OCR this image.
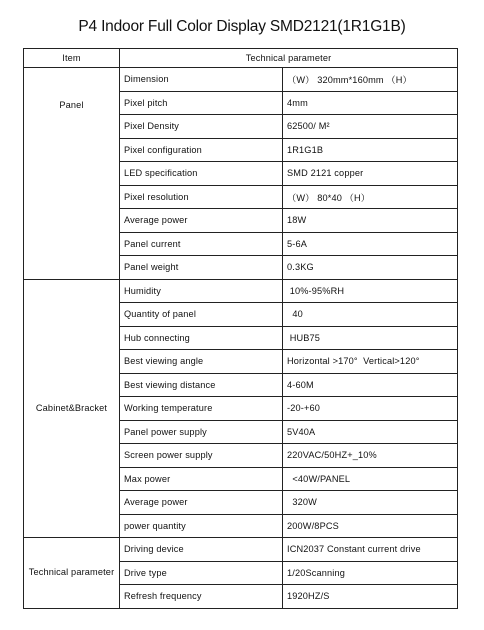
P4 Indoor Full Color Display SMD2121(1R1G1B)
Item	Technical parameter	
Panel	Dimension	（W） 320mm*160mm （H）
	Pixel pitch	4mm
	Pixel Density	62500/ M²
	Pixel configuration	1R1G1B
	LED specification	SMD 2121 copper
	Pixel resolution	（W） 80*40 （H）
	Average power	18W
	Panel current	5-6A
	Panel weight	0.3KG
Cabinet&Bracket	Humidity	10%-95%RH
	Quantity of panel	40
	Hub connecting	HUB75
	Best viewing angle	Horizontal >170°  Vertical>120°
	Best viewing distance	4-60M
	Working temperature	-20-+60
	Panel power supply	5V40A
	Screen power supply	220VAC/50HZ+_10%
	Max power	<40W/PANEL
	Average power	320W
	power quantity	200W/8PCS
Technical parameter	Driving device	ICN2037 Constant current drive
	Drive type	1/20Scanning
	Refresh frequency	1920HZ/S
